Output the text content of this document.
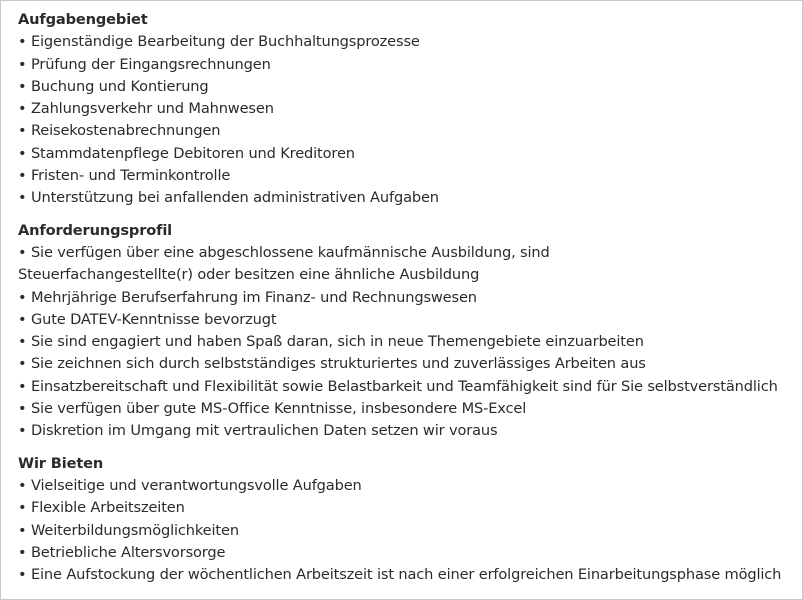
Aufgabengebiet
• Eigenständige Bearbeitung der Buchhaltungsprozesse
• Prüfung der Eingangsrechnungen
• Buchung und Kontierung
• Zahlungsverkehr und Mahnwesen
• Reisekostenabrechnungen
• Stammdatenpflege Debitoren und Kreditoren
• Fristen- und Terminkontrolle
• Unterstützung bei anfallenden administrativen Aufgaben
Anforderungsprofil
• Sie verfügen über eine abgeschlossene kaufmännische Ausbildung, sind
Steuerfachangestellte(r) oder besitzen eine ähnliche Ausbildung
• Mehrjährige Berufserfahrung im Finanz- und Rechnungswesen
• Gute DATEV-Kenntnisse bevorzugt
• Sie sind engagiert und haben Spaß daran, sich in neue Themengebiete einzuarbeiten
• Sie zeichnen sich durch selbstständiges strukturiertes und zuverlässiges Arbeiten aus
• Einsatzbereitschaft und Flexibilität sowie Belastbarkeit und Teamfähigkeit sind für Sie selbstverständlich
• Sie verfügen über gute MS-Office Kenntnisse, insbesondere MS-Excel
• Diskretion im Umgang mit vertraulichen Daten setzen wir voraus
Wir Bieten
• Vielseitige und verantwortungsvolle Aufgaben
• Flexible Arbeitszeiten
• Weiterbildungsmöglichkeiten
• Betriebliche Altersvorsorge
• Eine Aufstockung der wöchentlichen Arbeitszeit ist nach einer erfolgreichen Einarbeitungsphase möglich
